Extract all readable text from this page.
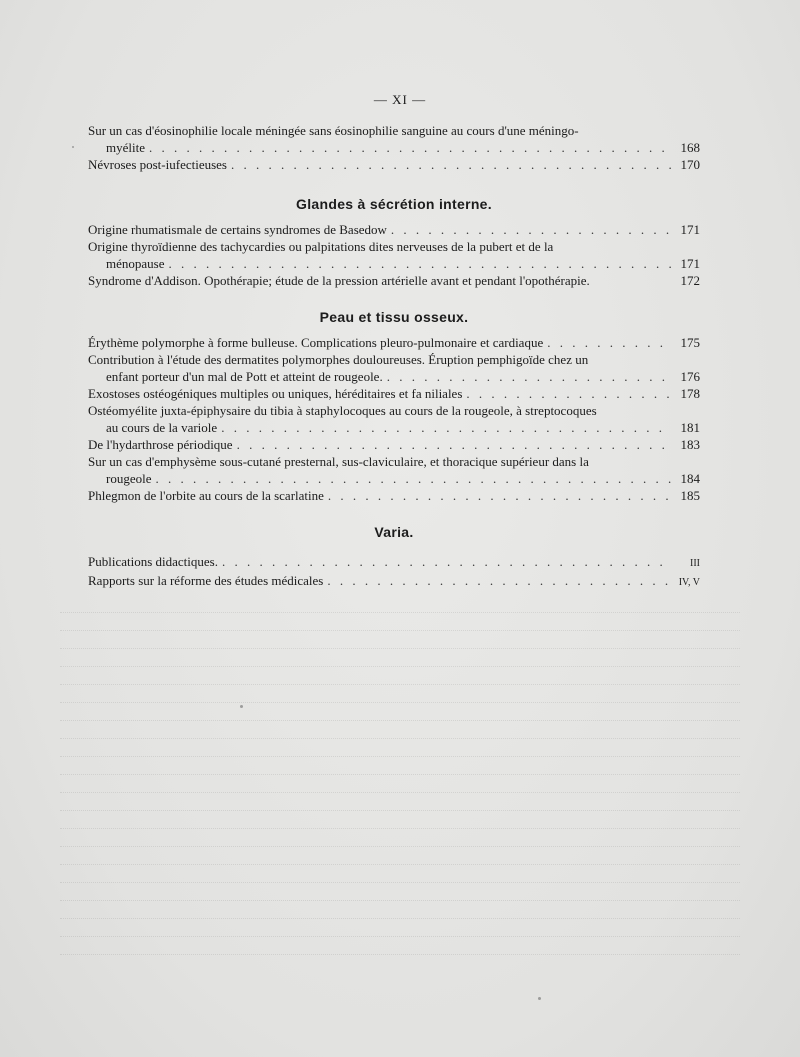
— XI —
Sur un cas d'éosinophilie locale méningée sans éosinophilie sanguine au cours d'une méningo-
myélite . . .	168
Névroses post-iufectieuses . . .	170
Glandes à sécrétion interne.
Origine rhumatismale de certains syndromes de Basedow . . .	171
Origine thyroïdienne des tachycardies ou palpitations dites nerveuses de la pubert et de la
ménopause . . .	171
Syndrome d'Addison. Opothérapie; étude de la pression artérielle avant et pendant l'opothérapie.	172
Peau et tissu osseux.
Érythème polymorphe à forme bulleuse. Complications pleuro-pulmonaire et cardiaque . . .	175
Contribution à l'étude des dermatites polymorphes douloureuses. Éruption pemphigoïde chez un
enfant porteur d'un mal de Pott et atteint de rougeole. . . .	176
Exostoses ostéogéniques multiples ou uniques, héréditaires et fa niliales . . .	178
Ostéomyélite juxta-épiphysaire du tibia à staphylocoques au cours de la rougeole, à streptocoques
au cours de la variole . . .	181
De l'hydarthrose périodique . . .	183
Sur un cas d'emphysème sous-cutané presternal, sus-claviculaire, et thoracique supérieur dans la
rougeole . . .	184
Phlegmon de l'orbite au cours de la scarlatine . . .	185
Varia.
Publications didactiques. . . .	III
Rapports sur la réforme des études médicales . . .	IV, V
